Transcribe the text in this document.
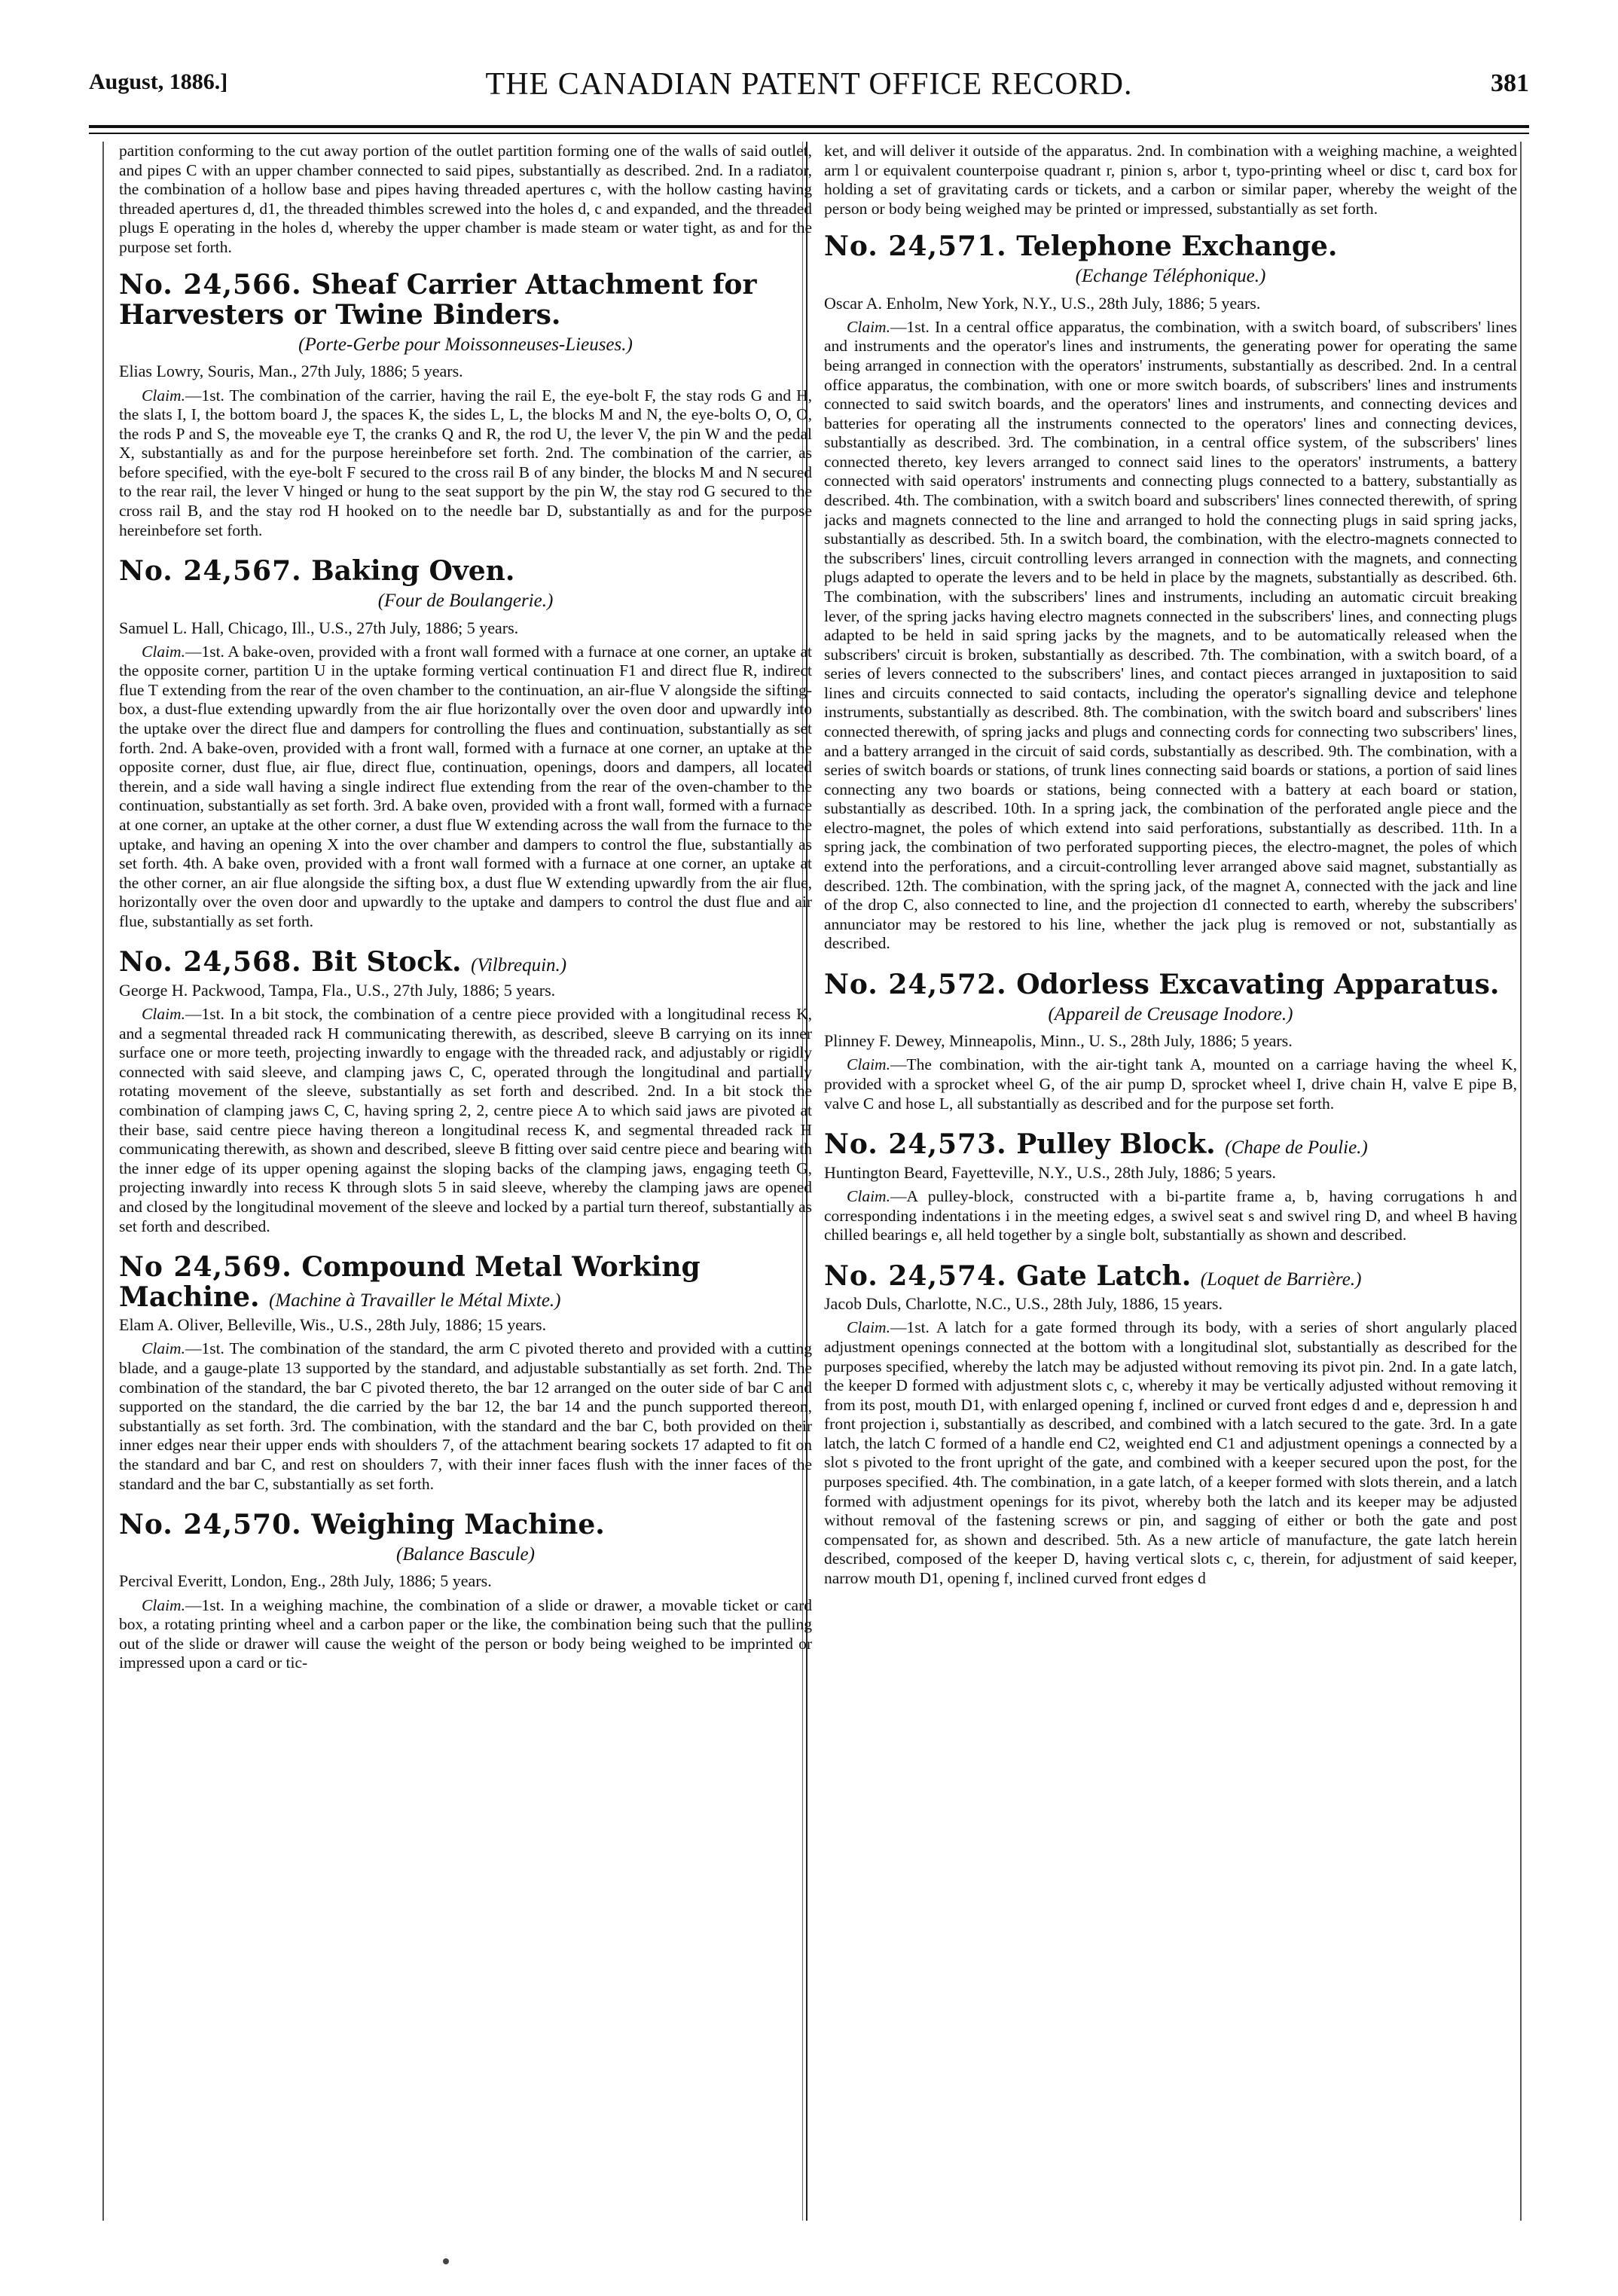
August, 1886.]	THE CANADIAN PATENT OFFICE RECORD.	381

partition conforming to the cut away portion of the outlet partition forming one of the walls of said outlet, and pipes C with an upper chamber connected to said pipes, substantially as described. 2nd. In a radiator, the combination of a hollow base and pipes having threaded apertures c, with the hollow casting having threaded apertures d, d1, the threaded thimbles screwed into the holes d, c and expanded, and the threaded plugs E operating in the holes d, whereby the upper chamber is made steam or water tight, as and for the purpose set forth.

No. 24,566. Sheaf Carrier Attachment for Harvesters or Twine Binders.
(Porte-Gerbe pour Moissonneuses-Lieuses.)
Elias Lowry, Souris, Man., 27th July, 1886; 5 years.

Claim.—1st. The combination of the carrier, having the rail E, the eye-bolt F, the stay rods G and H, the slats I, I, the bottom board J, the spaces K, the sides L, L, the blocks M and N, the eye-bolts O, O, O, the rods P and S, the moveable eye T, the cranks Q and R, the rod U, the lever V, the pin W and the pedal X, substantially as and for the purpose hereinbefore set forth. 2nd. The combination of the carrier, as before specified, with the eye-bolt F secured to the cross rail B of any binder, the blocks M and N secured to the rear rail, the lever V hinged or hung to the seat support by the pin W, the stay rod G secured to the cross rail B, and the stay rod H hooked on to the needle bar D, substantially as and for the purpose hereinbefore set forth.

No. 24,567. Baking Oven.
(Four de Boulangerie.)
Samuel L. Hall, Chicago, Ill., U.S., 27th July, 1886; 5 years.

Claim.—1st. A bake-oven, provided with a front wall formed with a furnace at one corner, an uptake at the opposite corner, partition U in the uptake forming vertical continuation F1 and direct flue R, indirect flue T extending from the rear of the oven chamber to the continuation, an air-flue V alongside the sifting-box, a dust-flue extending upwardly from the air flue horizontally over the oven door and upwardly into the uptake over the direct flue and dampers for controlling the flues and continuation, substantially as set forth. 2nd. A bake-oven, provided with a front wall, formed with a furnace at one corner, an uptake at the opposite corner, dust flue, air flue, direct flue, continuation, openings, doors and dampers, all located therein, and a side wall having a single indirect flue extending from the rear of the oven-chamber to the continuation, substantially as set forth. 3rd. A bake oven, provided with a front wall, formed with a furnace at one corner, an uptake at the other corner, a dust flue W extending across the wall from the furnace to the uptake, and having an opening X into the over chamber and dampers to control the flue, substantially as set forth. 4th. A bake oven, provided with a front wall formed with a furnace at one corner, an uptake at the other corner, an air flue alongside the sifting box, a dust flue W extending upwardly from the air flue, horizontally over the oven door and upwardly to the uptake and dampers to control the dust flue and air flue, substantially as set forth.

No. 24,568. Bit Stock. (Vilbrequin.)
George H. Packwood, Tampa, Fla., U.S., 27th July, 1886; 5 years.

Claim.—1st. In a bit stock, the combination of a centre piece provided with a longitudinal recess K, and a segmental threaded rack H communicating therewith, as described, sleeve B carrying on its inner surface one or more teeth, projecting inwardly to engage with the threaded rack, and adjustably or rigidly connected with said sleeve, and clamping jaws C, C, operated through the longitudinal and partially rotating movement of the sleeve, substantially as set forth and described. 2nd. In a bit stock the combination of clamping jaws C, C, having spring 2, 2, centre piece A to which said jaws are pivoted at their base, said centre piece having thereon a longitudinal recess K, and segmental threaded rack H communicating therewith, as shown and described, sleeve B fitting over said centre piece and bearing with the inner edge of its upper opening against the sloping backs of the clamping jaws, engaging teeth G, projecting inwardly into recess K through slots 5 in said sleeve, whereby the clamping jaws are opened and closed by the longitudinal movement of the sleeve and locked by a partial turn thereof, substantially as set forth and described.

No 24,569. Compound Metal Working Machine. (Machine à Travailler le Métal Mixte.)
Elam A. Oliver, Belleville, Wis., U.S., 28th July, 1886; 15 years.

Claim.—1st. The combination of the standard, the arm C pivoted thereto and provided with a cutting blade, and a gauge-plate 13 supported by the standard, and adjustable substantially as set forth. 2nd. The combination of the standard, the bar C pivoted thereto, the bar 12 arranged on the outer side of bar C and supported on the standard, the die carried by the bar 12, the bar 14 and the punch supported thereon, substantially as set forth. 3rd. The combination, with the standard and the bar C, both provided on their inner edges near their upper ends with shoulders 7, of the attachment bearing sockets 17 adapted to fit on the standard and bar C, and rest on shoulders 7, with their inner faces flush with the inner faces of the standard and the bar C, substantially as set forth.

No. 24,570. Weighing Machine.
(Balance Bascule)
Percival Everitt, London, Eng., 28th July, 1886; 5 years.

Claim.—1st. In a weighing machine, the combination of a slide or drawer, a movable ticket or card box, a rotating printing wheel and a carbon paper or the like, the combination being such that the pulling out of the slide or drawer will cause the weight of the person or body being weighed to be imprinted or impressed upon a card or tic-

ket, and will deliver it outside of the apparatus. 2nd. In combination with a weighing machine, a weighted arm l or equivalent counterpoise quadrant r, pinion s, arbor t, typo-printing wheel or disc t, card box for holding a set of gravitating cards or tickets, and a carbon or similar paper, whereby the weight of the person or body being weighed may be printed or impressed, substantially as set forth.

No. 24,571. Telephone Exchange.
(Echange Téléphonique.)
Oscar A. Enholm, New York, N.Y., U.S., 28th July, 1886; 5 years.

Claim.—1st. In a central office apparatus, the combination, with a switch board, of subscribers' lines and instruments and the operator's lines and instruments, the generating power for operating the same being arranged in connection with the operators' instruments, substantially as described. 2nd. In a central office apparatus, the combination, with one or more switch boards, of subscribers' lines and instruments connected to said switch boards, and the operators' lines and instruments, and connecting devices and batteries for operating all the instruments connected to the operators' lines and connecting devices, substantially as described. 3rd. The combination, in a central office system, of the subscribers' lines connected thereto, key levers arranged to connect said lines to the operators' instruments, a battery connected with said operators' instruments and connecting plugs connected to a battery, substantially as described. 4th. The combination, with a switch board and subscribers' lines connected therewith, of spring jacks and magnets connected to the line and arranged to hold the connecting plugs in said spring jacks, substantially as described. 5th. In a switch board, the combination, with the electro-magnets connected to the subscribers' lines, circuit controlling levers arranged in connection with the magnets, and connecting plugs adapted to operate the levers and to be held in place by the magnets, substantially as described. 6th. The combination, with the subscribers' lines and instruments, including an automatic circuit breaking lever, of the spring jacks having electro magnets connected in the subscribers' lines, and connecting plugs adapted to be held in said spring jacks by the magnets, and to be automatically released when the subscribers' circuit is broken, substantially as described. 7th. The combination, with a switch board, of a series of levers connected to the subscribers' lines, and contact pieces arranged in juxtaposition to said lines and circuits connected to said contacts, including the operator's signalling device and telephone instruments, substantially as described. 8th. The combination, with the switch board and subscribers' lines connected therewith, of spring jacks and plugs and connecting cords for connecting two subscribers' lines, and a battery arranged in the circuit of said cords, substantially as described. 9th. The combination, with a series of switch boards or stations, of trunk lines connecting said boards or stations, a portion of said lines connecting any two boards or stations, being connected with a battery at each board or station, substantially as described. 10th. In a spring jack, the combination of the perforated angle piece and the electro-magnet, the poles of which extend into said perforations, substantially as described. 11th. In a spring jack, the combination of two perforated supporting pieces, the electro-magnet, the poles of which extend into the perforations, and a circuit-controlling lever arranged above said magnet, substantially as described. 12th. The combination, with the spring jack, of the magnet A, connected with the jack and line of the drop C, also connected to line, and the projection d1 connected to earth, whereby the subscribers' annunciator may be restored to his line, whether the jack plug is removed or not, substantially as described.

No. 24,572. Odorless Excavating Apparatus.
(Appareil de Creusage Inodore.)
Plinney F. Dewey, Minneapolis, Minn., U. S., 28th July, 1886; 5 years.

Claim.—The combination, with the air-tight tank A, mounted on a carriage having the wheel K, provided with a sprocket wheel G, of the air pump D, sprocket wheel I, drive chain H, valve E pipe B, valve C and hose L, all substantially as described and for the purpose set forth.

No. 24,573. Pulley Block. (Chape de Poulie.)
Huntington Beard, Fayetteville, N.Y., U.S., 28th July, 1886; 5 years.

Claim.—A pulley-block, constructed with a bi-partite frame a, b, having corrugations h and corresponding indentations i in the meeting edges, a swivel seat s and swivel ring D, and wheel B having chilled bearings e, all held together by a single bolt, substantially as shown and described.

No. 24,574. Gate Latch. (Loquet de Barrière.)
Jacob Duls, Charlotte, N.C., U.S., 28th July, 1886, 15 years.

Claim.—1st. A latch for a gate formed through its body, with a series of short angularly placed adjustment openings connected at the bottom with a longitudinal slot, substantially as described for the purposes specified, whereby the latch may be adjusted without removing its pivot pin. 2nd. In a gate latch, the keeper D formed with adjustment slots c, c, whereby it may be vertically adjusted without removing it from its post, mouth D1, with enlarged opening f, inclined or curved front edges d and e, depression h and front projection i, substantially as described, and combined with a latch secured to the gate. 3rd. In a gate latch, the latch C formed of a handle end C2, weighted end C1 and adjustment openings a connected by a slot s pivoted to the front upright of the gate, and combined with a keeper secured upon the post, for the purposes specified. 4th. The combination, in a gate latch, of a keeper formed with slots therein, and a latch formed with adjustment openings for its pivot, whereby both the latch and its keeper may be adjusted without removal of the fastening screws or pin, and sagging of either or both the gate and post compensated for, as shown and described. 5th. As a new article of manufacture, the gate latch herein described, composed of the keeper D, having vertical slots c, c, therein, for adjustment of said keeper, narrow mouth D1, opening f, inclined curved front edges d
